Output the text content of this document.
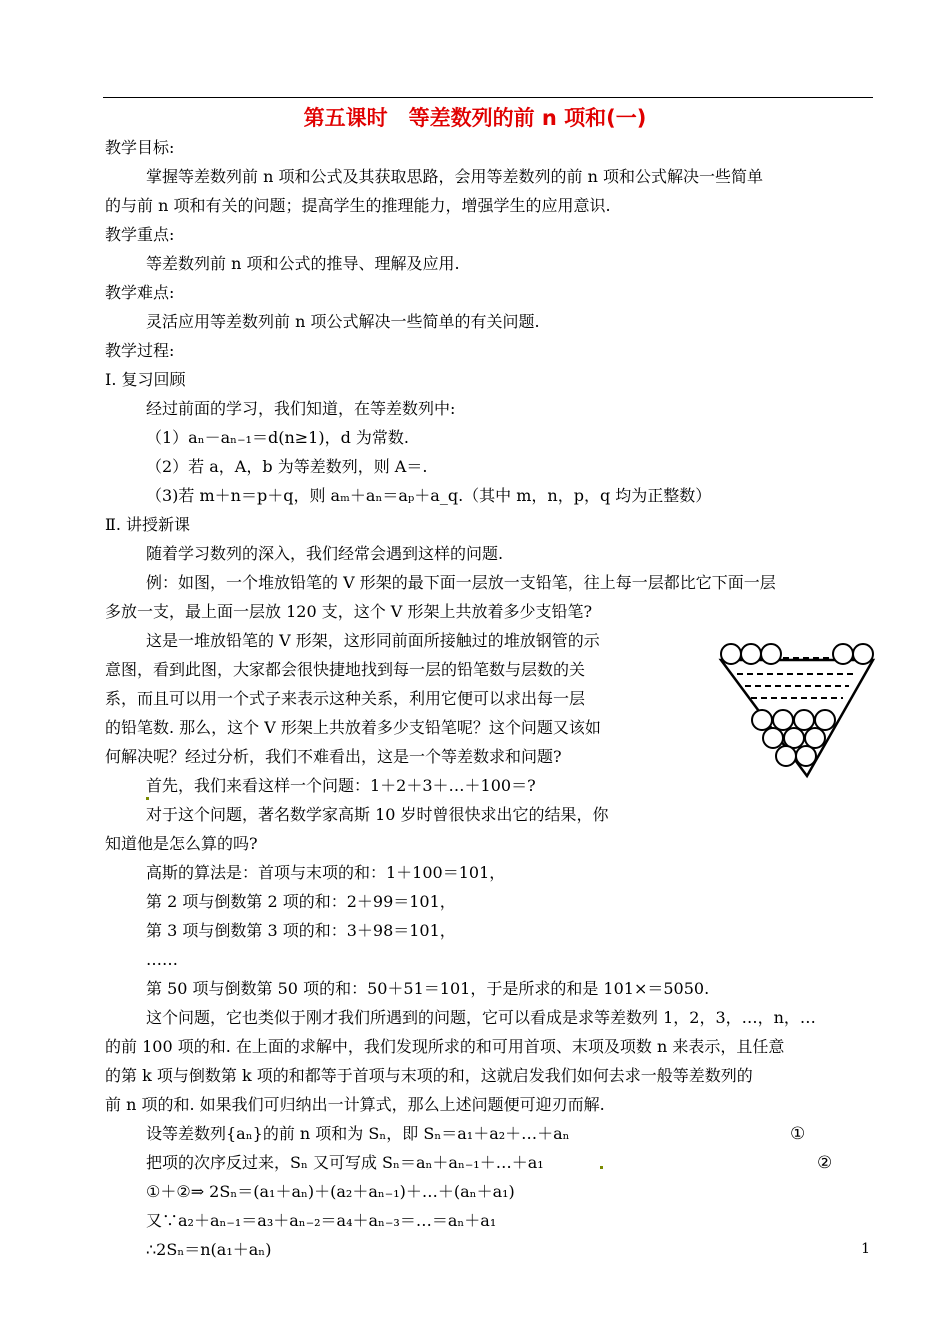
第五课时　等差数列的前 n 项和(一)
教学目标:
掌握等差数列前 n 项和公式及其获取思路，会用等差数列的前 n 项和公式解决一些简单
的与前 n 项和有关的问题；提高学生的推理能力，增强学生的应用意识.
教学重点:
等差数列前 n 项和公式的推导、理解及应用.
教学难点:
灵活应用等差数列前 n 项公式解决一些简单的有关问题.
教学过程:
Ⅰ. 复习回顾
经过前面的学习，我们知道，在等差数列中:
（1）aₙ－aₙ₋₁＝d(n≥1)，d 为常数.
（2）若 a，A，b 为等差数列，则 A＝.
（3)若 m＋n＝p＋q，则 aₘ＋aₙ＝aₚ＋a_q.（其中 m，n，p，q 均为正整数）
Ⅱ. 讲授新课
随着学习数列的深入，我们经常会遇到这样的问题.
例：如图，一个堆放铅笔的 V 形架的最下面一层放一支铅笔，往上每一层都比它下面一层
多放一支，最上面一层放 120 支，这个 V 形架上共放着多少支铅笔?
这是一堆放铅笔的 V 形架，这形同前面所接触过的堆放钢管的示
意图，看到此图，大家都会很快捷地找到每一层的铅笔数与层数的关
系，而且可以用一个式子来表示这种关系，利用它便可以求出每一层
的铅笔数. 那么，这个 V 形架上共放着多少支铅笔呢？这个问题又该如
何解决呢？经过分析，我们不难看出，这是一个等差数求和问题?
首先，我们来看这样一个问题：1＋2＋3＋…＋100＝?
对于这个问题，著名数学家高斯 10 岁时曾很快求出它的结果，你
知道他是怎么算的吗?
高斯的算法是：首项与末项的和：1＋100＝101，
第 2 项与倒数第 2 项的和：2＋99＝101，
第 3 项与倒数第 3 项的和：3＋98＝101，
……
第 50 项与倒数第 50 项的和：50＋51＝101，于是所求的和是 101×＝5050.
这个问题，它也类似于刚才我们所遇到的问题，它可以看成是求等差数列 1，2，3，…，n，…
的前 100 项的和. 在上面的求解中，我们发现所求的和可用首项、末项及项数 n 来表示，且任意
的第 k 项与倒数第 k 项的和都等于首项与末项的和，这就启发我们如何去求一般等差数列的
前 n 项的和. 如果我们可归纳出一计算式，那么上述问题便可迎刃而解.
设等差数列{aₙ}的前 n 项和为 Sₙ，即 Sₙ＝a₁＋a₂＋…＋aₙ
把项的次序反过来，Sₙ 又可写成 Sₙ＝aₙ＋aₙ₋₁＋…＋a₁
①＋②⇒ 2Sₙ＝(a₁＋aₙ)＋(a₂＋aₙ₋₁)＋…＋(aₙ＋a₁)
又∵a₂＋aₙ₋₁＝a₃＋aₙ₋₂＝a₄＋aₙ₋₃＝…＝aₙ＋a₁
∴2Sₙ＝n(a₁＋aₙ)
①
②
1
